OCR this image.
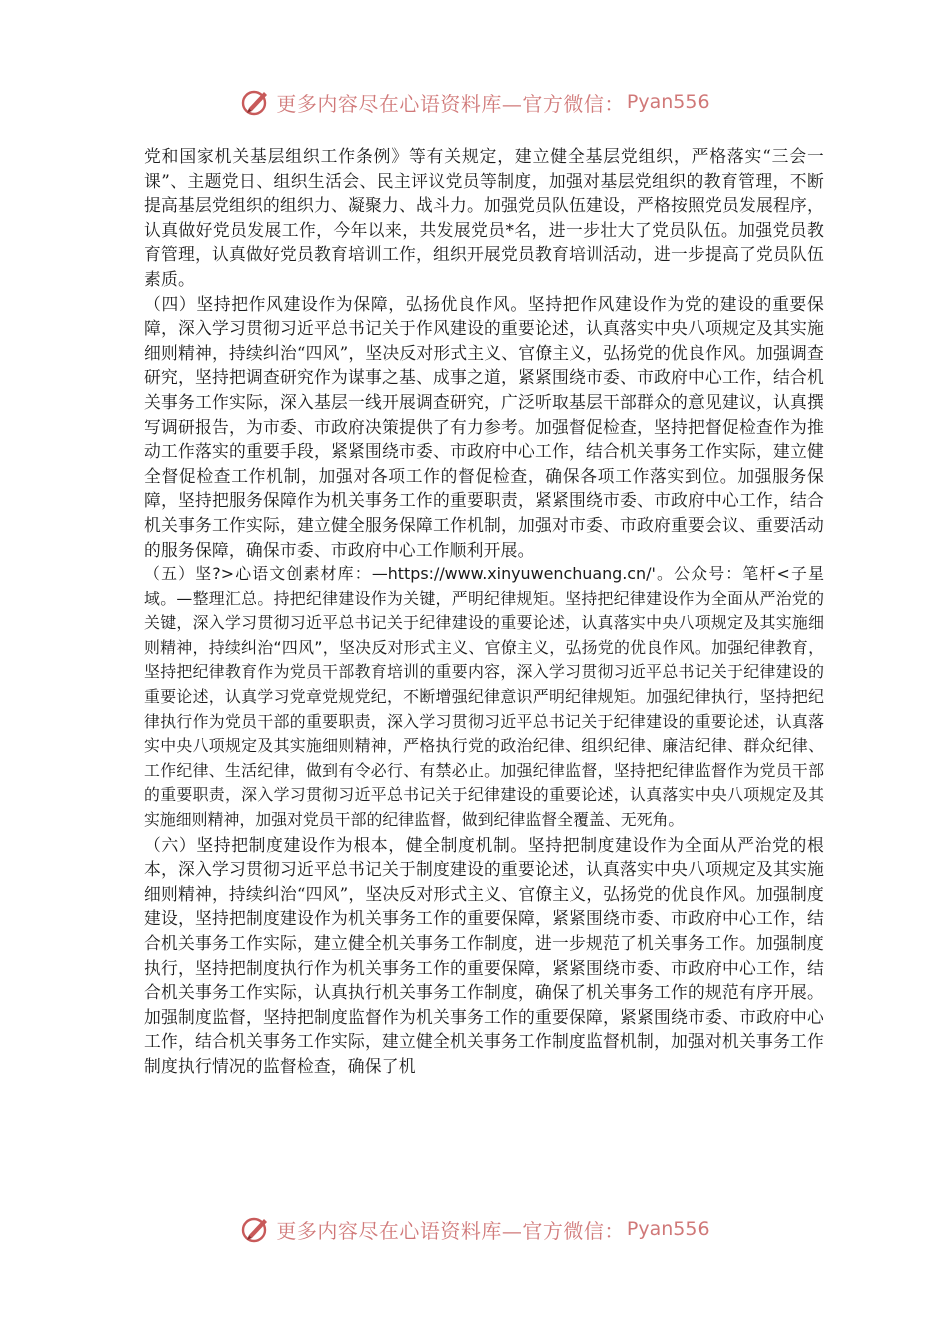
更多内容尽在心语资料库—官方微信： Pyan556

党和国家机关基层组织工作条例》等有关规定，建立健全基层党组织，严格落实“三会一课”、主题党日、组织生活会、民主评议党员等制度，加强对基层党组织的教育管理，不断提高基层党组织的组织力、凝聚力、战斗力。加强党员队伍建设，严格按照党员发展程序，认真做好党员发展工作，今年以来，共发展党员*名，进一步壮大了党员队伍。加强党员教育管理，认真做好党员教育培训工作，组织开展党员教育培训活动，进一步提高了党员队伍素质。

（四）坚持把作风建设作为保障，弘扬优良作风。坚持把作风建设作为党的建设的重要保障，深入学习贯彻习近平总书记关于作风建设的重要论述，认真落实中央八项规定及其实施细则精神，持续纠治“四风”，坚决反对形式主义、官僚主义，弘扬党的优良作风。加强调查研究，坚持把调查研究作为谋事之基、成事之道，紧紧围绕市委、市政府中心工作，结合机关事务工作实际，深入基层一线开展调查研究，广泛听取基层干部群众的意见建议，认真撰写调研报告，为市委、市政府决策提供了有力参考。加强督促检查，坚持把督促检查作为推动工作落实的重要手段，紧紧围绕市委、市政府中心工作，结合机关事务工作实际，建立健全督促检查工作机制，加强对各项工作的督促检查，确保各项工作落实到位。加强服务保障，坚持把服务保障作为机关事务工作的重要职责，紧紧围绕市委、市政府中心工作，结合机关事务工作实际，建立健全服务保障工作机制，加强对市委、市政府重要会议、重要活动的服务保障，确保市委、市政府中心工作顺利开展。

（五）坚?>心语文创素材库：—https://www.xinyuwenchuang.cn/'。公众号：笔杆<子星域。—整理汇总。持把纪律建设作为关键，严明纪律规矩。坚持把纪律建设作为全面从严治党的关键，深入学习贯彻习近平总书记关于纪律建设的重要论述，认真落实中央八项规定及其实施细则精神，持续纠治“四风”，坚决反对形式主义、官僚主义，弘扬党的优良作风。加强纪律教育，坚持把纪律教育作为党员干部教育培训的重要内容，深入学习贯彻习近平总书记关于纪律建设的重要论述，认真学习党章党规党纪，不断增强纪律意识严明纪律规矩。加强纪律执行，坚持把纪律执行作为党员干部的重要职责，深入学习贯彻习近平总书记关于纪律建设的重要论述，认真落实中央八项规定及其实施细则精神，严格执行党的政治纪律、组织纪律、廉洁纪律、群众纪律、工作纪律、生活纪律，做到有令必行、有禁必止。加强纪律监督，坚持把纪律监督作为党员干部的重要职责，深入学习贯彻习近平总书记关于纪律建设的重要论述，认真落实中央八项规定及其实施细则精神，加强对党员干部的纪律监督，做到纪律监督全覆盖、无死角。

（六）坚持把制度建设作为根本，健全制度机制。坚持把制度建设作为全面从严治党的根本，深入学习贯彻习近平总书记关于制度建设的重要论述，认真落实中央八项规定及其实施细则精神，持续纠治“四风”，坚决反对形式主义、官僚主义，弘扬党的优良作风。加强制度建设，坚持把制度建设作为机关事务工作的重要保障，紧紧围绕市委、市政府中心工作，结合机关事务工作实际，建立健全机关事务工作制度，进一步规范了机关事务工作。加强制度执行，坚持把制度执行作为机关事务工作的重要保障，紧紧围绕市委、市政府中心工作，结合机关事务工作实际，认真执行机关事务工作制度，确保了机关事务工作的规范有序开展。加强制度监督，坚持把制度监督作为机关事务工作的重要保障，紧紧围绕市委、市政府中心工作，结合机关事务工作实际，建立健全机关事务工作制度监督机制，加强对机关事务工作制度执行情况的监督检查，确保了机

更多内容尽在心语资料库—官方微信： Pyan556
